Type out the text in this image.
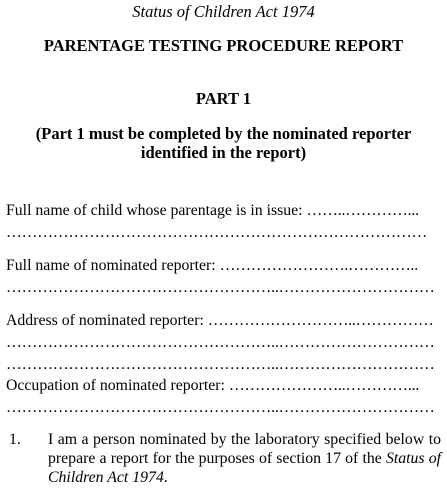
Status of Children Act 1974
PARENTAGE TESTING PROCEDURE REPORT
PART 1
(Part 1 must be completed by the nominated reporter
identified in the report)
Full name of child whose parentage is in issue: ……..…………...
………………………………………………………………………
Full name of nominated reporter: …………………….…………..
……………………………………………..…………………………
Address of nominated reporter: ………………………..……………
……………………………………………..…………………………
……………………………………………..…………………………
Occupation of nominated reporter: …………………..…………...
……………………………………………..…………………………
1. I am a person nominated by the laboratory specified below to prepare a report for the purposes of section 17 of the Status of Children Act 1974.
